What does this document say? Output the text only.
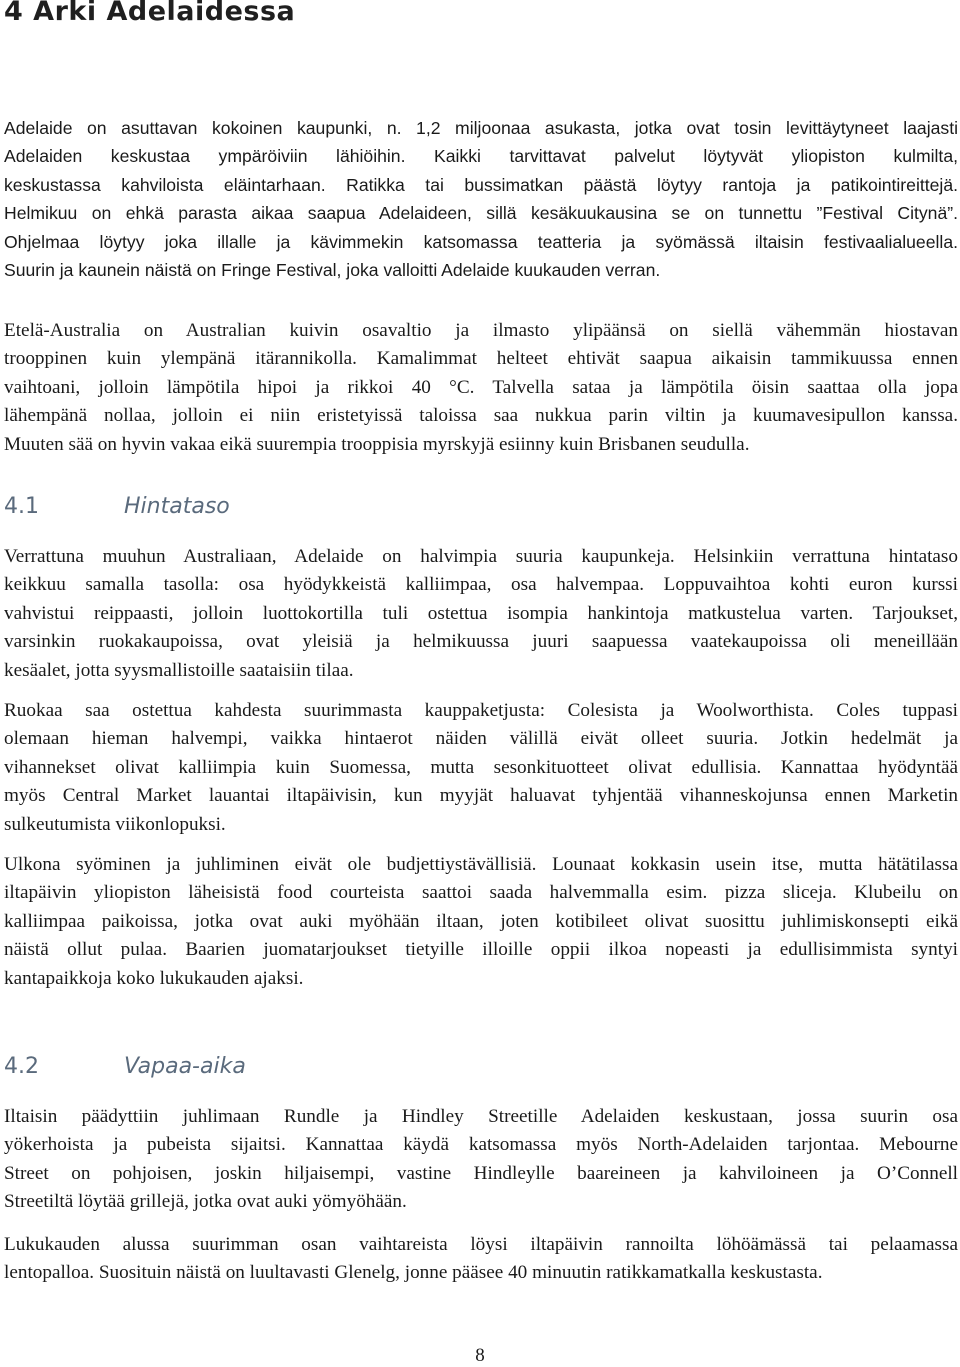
4 Arki Adelaidessa
Adelaide on asuttavan kokoinen kaupunki, n. 1,2 miljoonaa asukasta, jotka ovat tosin levittäytyneet laajasti
Adelaiden keskustaa ympäröiviin lähiöihin. Kaikki tarvittavat palvelut löytyvät yliopiston kulmilta,
keskustassa kahviloista eläintarhaan. Ratikka tai bussimatkan päästä löytyy rantoja ja patikointireittejä.
Helmikuu on ehkä parasta aikaa saapua Adelaideen, sillä kesäkuukausina se on tunnettu ”Festival Citynä”.
Ohjelmaa löytyy joka illalle ja kävimmekin katsomassa teatteria ja syömässä iltaisin festivaalialueella.
Suurin ja kaunein näistä on Fringe Festival, joka valloitti Adelaide kuukauden verran.
Etelä-Australia on Australian kuivin osavaltio ja ilmasto ylipäänsä on siellä vähemmän hiostavan
trooppinen kuin ylempänä itärannikolla. Kamalimmat helteet ehtivät saapua aikaisin tammikuussa ennen
vaihtoani, jolloin lämpötila hipoi ja rikkoi 40 °C. Talvella sataa ja lämpötila öisin saattaa olla jopa
lähempänä nollaa, jolloin ei niin eristetyissä taloissa saa nukkua parin viltin ja kuumavesipullon kanssa.
Muuten sää on hyvin vakaa eikä suurempia trooppisia myrskyjä esiinny kuin Brisbanen seudulla.
4.1	Hintataso
Verrattuna muuhun Australiaan, Adelaide on halvimpia suuria kaupunkeja. Helsinkiin verrattuna hintataso
keikkuu samalla tasolla: osa hyödykkeistä kalliimpaa, osa halvempaa. Loppuvaihtoa kohti euron kurssi
vahvistui reippaasti, jolloin luottokortilla tuli ostettua isompia hankintoja matkustelua varten. Tarjoukset,
varsinkin ruokakaupoissa, ovat yleisiä ja helmikuussa juuri saapuessa vaatekaupoissa oli meneillään
kesäalet, jotta syysmallistoille saataisiin tilaa.
Ruokaa saa ostettua kahdesta suurimmasta kauppaketjusta: Colesista ja Woolworthista. Coles tuppasi
olemaan hieman halvempi, vaikka hintaerot näiden välillä eivät olleet suuria. Jotkin hedelmät ja
vihannekset olivat kalliimpia kuin Suomessa, mutta sesonkituotteet olivat edullisia. Kannattaa hyödyntää
myös Central Market lauantai iltapäivisin, kun myyjät haluavat tyhjentää vihanneskojunsa ennen Marketin
sulkeutumista viikonlopuksi.
Ulkona syöminen ja juhliminen eivät ole budjettiystävällisiä. Lounaat kokkasin usein itse, mutta hätätilassa
iltapäivin yliopiston läheisistä food courteista saattoi saada halvemmalla esim. pizza sliceja. Klubeilu on
kalliimpaa paikoissa, jotka ovat auki myöhään iltaan, joten kotibileet olivat suosittu juhlimiskonsepti eikä
näistä ollut pulaa. Baarien juomatarjoukset tietyille illoille oppii ilkoa nopeasti ja edullisimmista syntyi
kantapaikkoja koko lukukauden ajaksi.
4.2	Vapaa-aika
Iltaisin päädyttiin juhlimaan Rundle ja Hindley Streetille Adelaiden keskustaan, jossa suurin osa
yökerhoista ja pubeista sijaitsi. Kannattaa käydä katsomassa myös North-Adelaiden tarjontaa. Mebourne
Street on pohjoisen, joskin hiljaisempi, vastine Hindleylle baareineen ja kahviloineen ja O’Connell
Streetiltä löytää grillejä, jotka ovat auki yömyöhään.
Lukukauden alussa suurimman osan vaihtareista löysi iltapäivin rannoilta löhöämässä tai pelaamassa
lentopalloa. Suosituin näistä on luultavasti Glenelg, jonne pääsee 40 minuutin ratikkamatkalla keskustasta.
8
